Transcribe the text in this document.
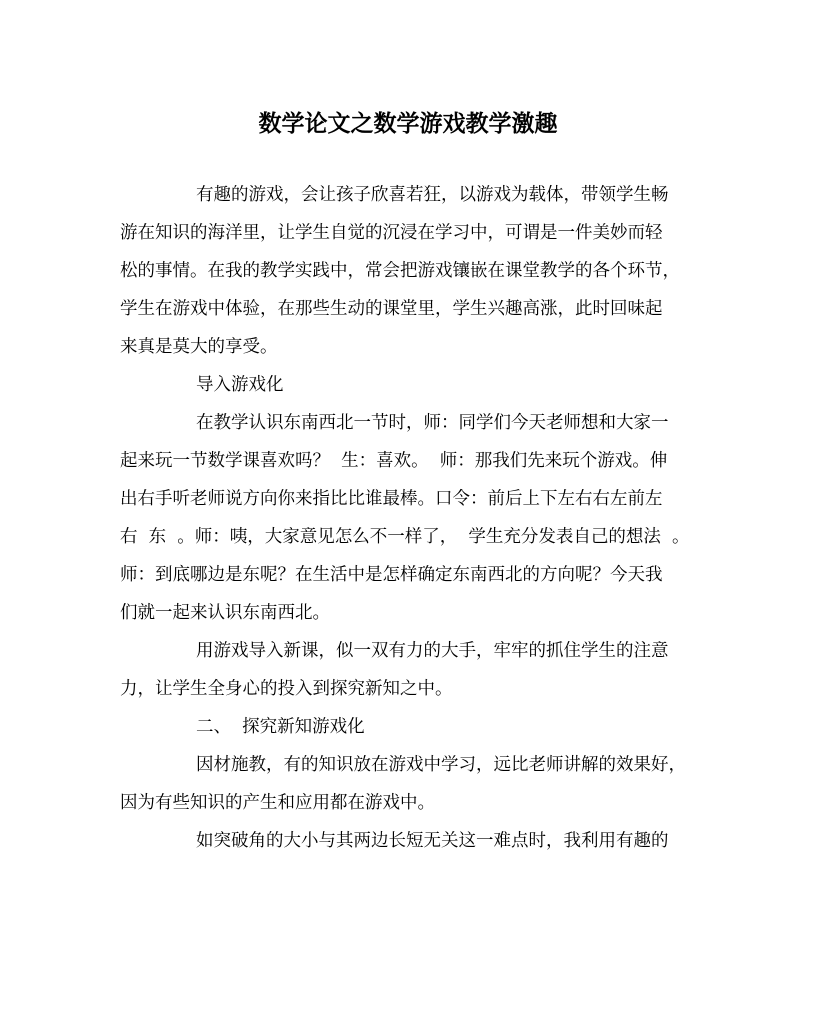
数学论文之数学游戏教学激趣
有趣的游戏，会让孩子欣喜若狂，以游戏为载体，带领学生畅
游在知识的海洋里，让学生自觉的沉浸在学习中，可谓是一件美妙而轻
松的事情。在我的教学实践中，常会把游戏镶嵌在课堂教学的各个环节，
学生在游戏中体验，在那些生动的课堂里，学生兴趣高涨，此时回味起
来真是莫大的享受。
导入游戏化
在教学认识东南西北一节时，师：同学们今天老师想和大家一
起来玩一节数学课喜欢吗？  生：喜欢。  师：那我们先来玩个游戏。伸
出右手听老师说方向你来指比比谁最棒。口令：前后上下左右右左前左
右  东  。师：咦，大家意见怎么不一样了，  学生充分发表自己的想法  。
师：到底哪边是东呢？在生活中是怎样确定东南西北的方向呢？今天我
们就一起来认识东南西北。
用游戏导入新课，似一双有力的大手，牢牢的抓住学生的注意
力，让学生全身心的投入到探究新知之中。
二、  探究新知游戏化
因材施教，有的知识放在游戏中学习，远比老师讲解的效果好，
因为有些知识的产生和应用都在游戏中。
如突破角的大小与其两边长短无关这一难点时，我利用有趣的
